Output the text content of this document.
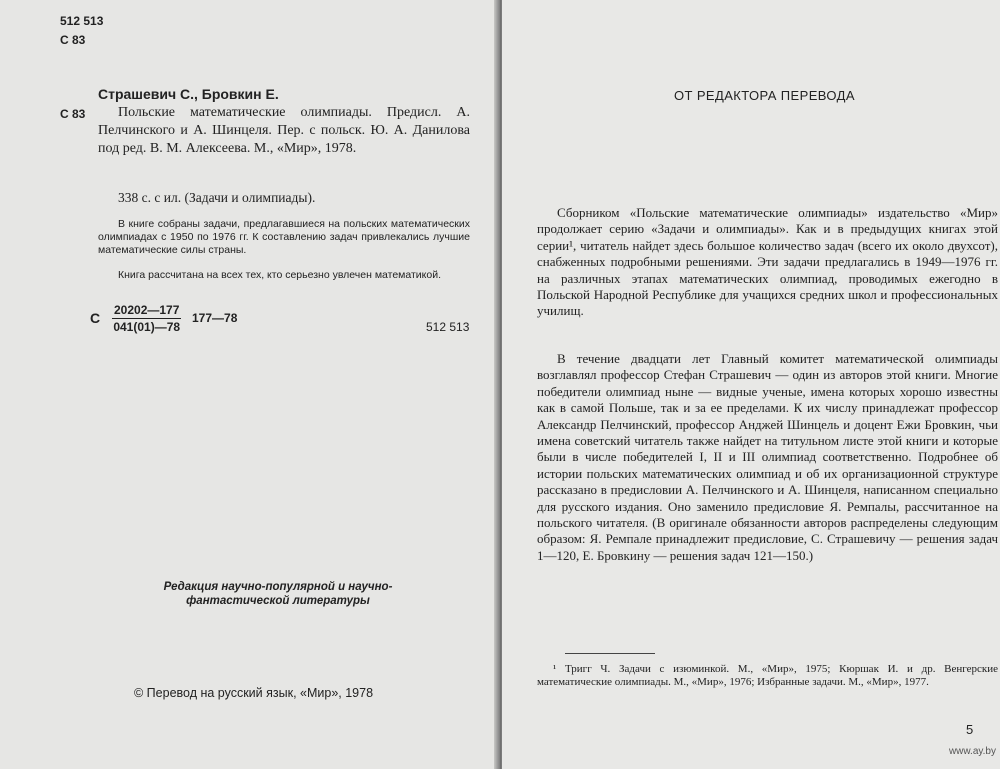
512 513

С 83

Страшевич С., Бровкин Е.

С 83	Польские математические олимпиады. Предисл. А. Пелчинского и А. Шинцеля. Пер. с польск. Ю. А. Данилова под ред. В. М. Алексеева. М., «Мир», 1978.

338 с. с ил. (Задачи и олимпиады).

В книге собраны задачи, предлагавшиеся на польских математических олимпиадах с 1950 по 1976 гг. К составлению задач привлекались лучшие математические силы страны.

Книга рассчитана на всех тех, кто серьезно увлечен математикой.

С $\frac{20202—177}{041(01)—78}$ 177—78

512 513

Редакция научно-популярной и научно-фантастической литературы

© Перевод на русский язык, «Мир», 1978

ОТ РЕДАКТОРА ПЕРЕВОДА

Сборником «Польские математические олимпиады» издательство «Мир» продолжает серию «Задачи и олимпиады». Как и в предыдущих книгах этой серии¹, читатель найдет здесь большое количество задач (всего их около двухсот), снабженных подробными решениями. Эти задачи предлагались в 1949—1976 гг. на различных этапах математических олимпиад, проводимых ежегодно в Польской Народной Республике для учащихся средних школ и профессиональных училищ.

В течение двадцати лет Главный комитет математической олимпиады возглавлял профессор Стефан Страшевич — один из авторов этой книги. Многие победители олимпиад ныне — видные ученые, имена которых хорошо известны как в самой Польше, так и за ее пределами. К их числу принадлежат профессор Александр Пелчинский, профессор Анджей Шинцель и доцент Ежи Бровкин, чьи имена советский читатель также найдет на титульном листе этой книги и которые были в числе победителей I, II и III олимпиад соответственно. Подробнее об истории польских математических олимпиад и об их организационной структуре рассказано в предисловии А. Пелчинского и А. Шинцеля, написанном специально для русского издания. Оно заменило предисловие Я. Ремпалы, рассчитанное на польского читателя. (В оригинале обязанности авторов распределены следующим образом: Я. Ремпале принадлежит предисловие, С. Страшевичу — решения задач 1—120, Е. Бровкину — решения задач 121—150.)

¹ Тригг Ч. Задачи с изюминкой. М., «Мир», 1975; Кюршак И. и др. Венгерские математические олимпиады. М., «Мир», 1976; Избранные задачи. М., «Мир», 1977.

5

www.ay.by
